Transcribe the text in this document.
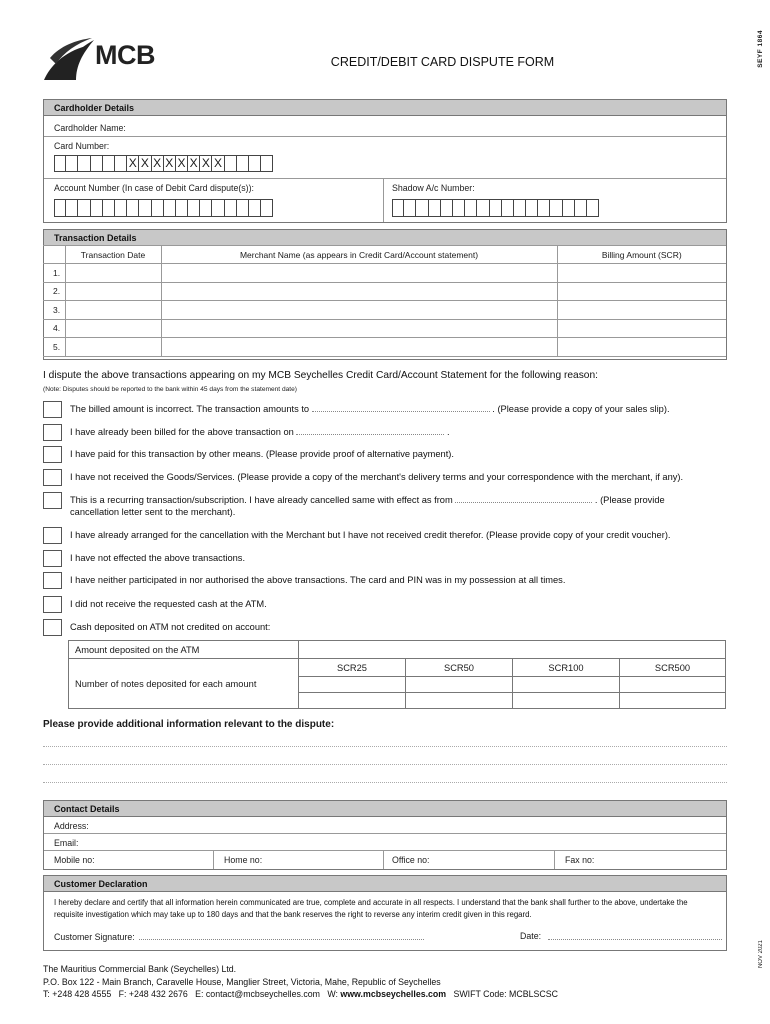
MCB	CREDIT/DEBIT CARD DISPUTE FORM	SEYF 1864
NOV 2021
Cardholder Details
Cardholder Name:
Card Number:
X X X X X X X X
Account Number (In case of Debit Card dispute(s)):	Shadow A/c Number:
Transaction Details
	Transaction Date	Merchant Name (as appears in Credit Card/Account statement)	Billing Amount (SCR)
1.			
2.			
3.			
4.			
5.			
I dispute the above transactions appearing on my MCB Seychelles Credit Card/Account Statement for the following reason:
(Note: Disputes should be reported to the bank within 45 days from the statement date)
The billed amount is incorrect. The transaction amounts to	. (Please provide a copy of your sales slip).
I have already been billed for the above transaction on	.
I have paid for this transaction by other means. (Please provide proof of alternative payment).
I have not received the Goods/Services. (Please provide a copy of the merchant's delivery terms and your correspondence with the merchant, if any).
This is a recurring transaction/subscription. I have already cancelled same with effect as from	. (Please provide
cancellation letter sent to the merchant).
I have already arranged for the cancellation with the Merchant but I have not received credit therefor. (Please provide copy of your credit voucher).
I have not effected the above transactions.
I have neither participated in nor authorised the above transactions. The card and PIN was in my possession at all times.
I did not receive the requested cash at the ATM.
Cash deposited on ATM not credited on account:
Amount deposited on the ATM				
Number of notes deposited for each amount	SCR25	SCR50	SCR100	SCR500

Please provide additional information relevant to the dispute:
Contact Details
Address:
Email:
Mobile no:	Home no:	Office no:	Fax no:
Customer Declaration
I hereby declare and certify that all information herein communicated are true, complete and accurate in all respects. I understand that the bank shall further to the above, undertake the requisite investigation which may take up to 180 days and that the bank reserves the right to reverse any interim credit given in this regard.
Customer Signature:	Date:
The Mauritius Commercial Bank (Seychelles) Ltd.
P.O. Box 122 - Main Branch, Caravelle House, Manglier Street, Victoria, Mahe, Republic of Seychelles
T: +248 428 4555 F: +248 432 2676 E: contact@mcbseychelles.com W: www.mcbseychelles.com SWIFT Code: MCBLSCSC
